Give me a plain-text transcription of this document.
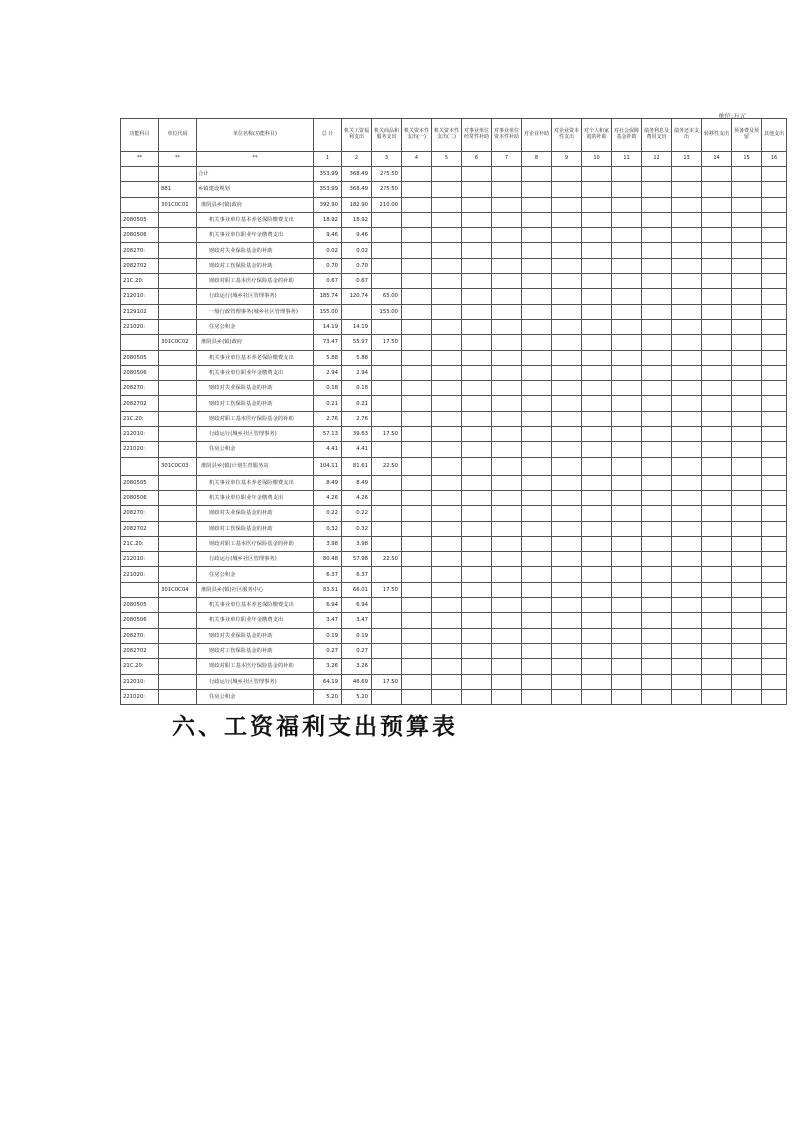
单位:万元
功能科目	单位代码	单位名称(功能科目)	总 计	机关工资福利支出	机关商品和服务支出	机关资本性支出(一)	机关资本性支出(二)	对事业单位经常性补助	对事业单位资本性补助	对企业补助	对企业资本性支出	对个人和家庭的补助	对社会保障基金补助	债务利息及费用支出	债务还本支出	转移性支出	预备费及预留	其他支出
**	**	**	1	2	3	4	5	6	7	8	9	10	11	12	13	14	15	16
		合计	353.99	368.49	2?5.50													
	881	乡镇建设规划	353.99	368.49	2?5.50													
	301C0C01	淮阴县乡(镇)政府	392.90	182.90	210.00													
2080505		机关事业单位基本养老保险缴费支出	18.92	18.92														
2080506		机关事业单位职业年金缴费支出	9.46	9.46														
208270:		财政对失业保险基金的补助	0.02	0.02														
2082702		财政对工伤保险基金的补助	0.70	0.70														
21C.20:		财政对职工基本医疗保险基金的补助	0.67	0.67														
212010:		行政运行(城乡社区管理事务)	185.74	120.74	65.00													
2129102		一般行政管理事务(城乡社区管理事务)	155.00		155.00													
221020:		住房公积金	14.19	14.19														
	301C0C02	淮阴县乡(镇)政府	73.47	55.97	17.50													
2080505		机关事业单位基本养老保险缴费支出	5.88	5.88														
2080506		机关事业单位职业年金缴费支出	2.94	2.94														
208270:		财政对失业保险基金的补助	0.18	0.18														
2082702		财政对工伤保险基金的补助	0.21	0.21														
21C.20:		财政对职工基本医疗保险基金的补助	2.76	2.76														
212010:		行政运行(城乡社区管理事务)	57.13	39.63	17.50													
221020:		住房公积金	4.41	4.41														
	301C0C03	淮阴县乡(镇)计划生育服务站	104.11	81.61	22.50													
2080505		机关事业单位基本养老保险缴费支出	8.49	8.49														
2080506		机关事业单位职业年金缴费支出	4.26	4.26														
208270:		财政对失业保险基金的补助	0.22	0.22														
2082702		财政对工伤保险基金的补助	0.32	0.32														
21C.20:		财政对职工基本医疗保险基金的补助	3.98	3.98														
212010:		行政运行(城乡社区管理事务)	80.48	57.98	22.50													
221020:		住房公积金	6.37	6.37														
	301C0C04	淮阴县乡(镇)社区服务中心	83.51	66.01	17.50													
2080505		机关事业单位基本养老保险缴费支出	6.94	6.94														
2080506		机关事业单位职业年金缴费支出	3.47	3.47														
208270:		财政对失业保险基金的补助	0.19	0.19														
2082702		财政对工伤保险基金的补助	0.27	0.27														
21C.20:		财政对职工基本医疗保险基金的补助	3.26	3.26														
212010:		行政运行(城乡社区管理事务)	64.19	46.69	17.50													
221020:		住房公积金	5.20	5.20														
六、工资福利支出预算表
